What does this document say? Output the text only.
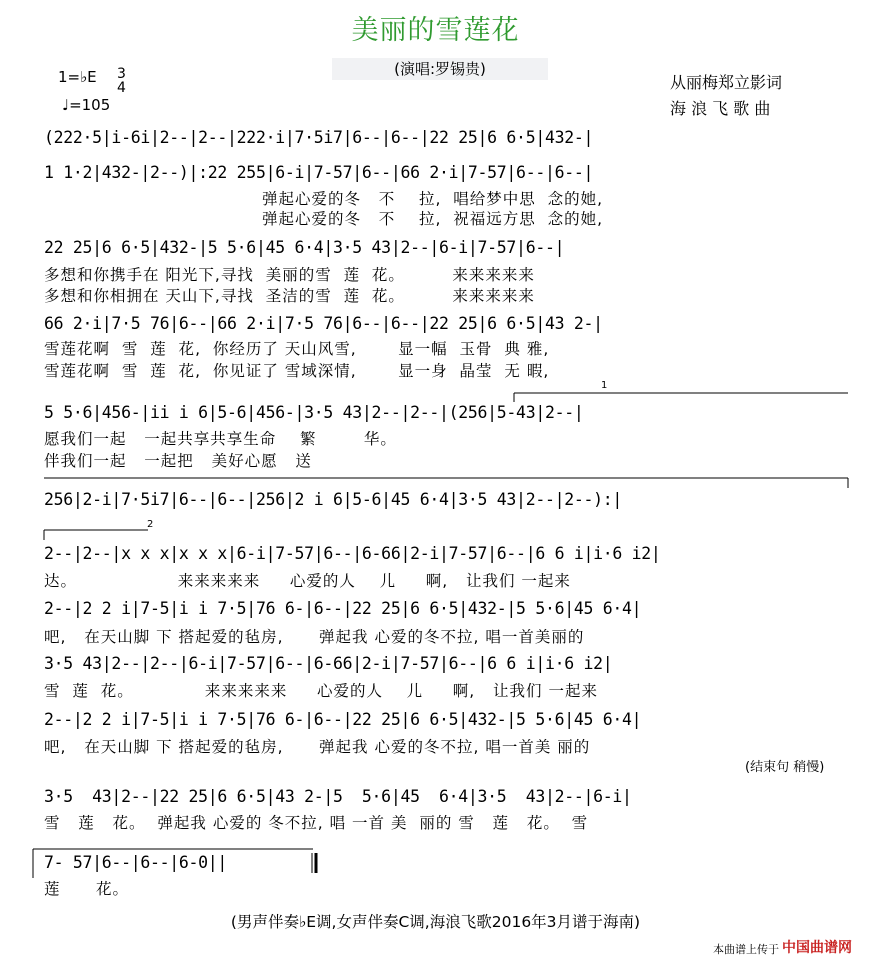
美丽的雪莲花
(演唱:罗锡贵)
1=♭E 3
4
♩=105
从丽梅郑立影词
海 浪 飞 歌 曲
(222·5|i-6i|2--|2--|222·i|7·5i7|6--|6--|22 25|6 6·5|432-|
1 1·2|432-|2--)|:22 255|6-i|7-57|6--|66 2·i|7-57|6--|6--|
弹起心爱的冬   不    拉,  唱给梦中思  念的她,
弹起心爱的冬   不    拉,  祝福远方思  念的她,
22 25|6 6·5|432-|5 5·6|45 6·4|3·5 43|2--|6-i|7-57|6--|
多想和你携手在 阳光下,寻找  美丽的雪  莲  花。        来来来来来
多想和你相拥在 天山下,寻找  圣洁的雪  莲  花。        来来来来来
66 2·i|7·5 76|6--|66 2·i|7·5 76|6--|6--|22 25|6 6·5|43 2-|
雪莲花啊  雪  莲  花,  你经历了 天山风雪,       显一幅  玉骨  典 雅,
雪莲花啊  雪  莲  花,  你见证了 雪域深情,       显一身  晶莹  无 暇,
1
5 5·6|456-|ii i 6|5-6|456-|3·5 43|2--|2--|(256|5-43|2--|
愿我们一起   一起共享共享生命    繁        华。
伴我们一起   一起把   美好心愿   送
256|2-i|7·5i7|6--|6--|256|2 i 6|5-6|45 6·4|3·5 43|2--|2--):|
2
2--|2--|x x x|x x x|6-i|7-57|6--|6-66|2-i|7-57|6--|6 6 i|i·6 i2|
达。                 来来来来来     心爱的人    儿     啊,   让我们 一起来
2--|2 2 i|7-5|i i 7·5|76 6-|6--|22 25|6 6·5|432-|5 5·6|45 6·4|
吧,   在天山脚 下 搭起爱的毡房,      弹起我 心爱的冬不拉, 唱一首美丽的
3·5 43|2--|2--|6-i|7-57|6--|6-66|2-i|7-57|6--|6 6 i|i·6 i2|
雪  莲  花。            来来来来来     心爱的人    儿     啊,   让我们 一起来
2--|2 2 i|7-5|i i 7·5|76 6-|6--|22 25|6 6·5|432-|5 5·6|45 6·4|
吧,   在天山脚 下 搭起爱的毡房,      弹起我 心爱的冬不拉, 唱一首美 丽的
(结束句 稍慢)
3·5  43|2--|22 25|6 6·5|43 2-|5  5·6|45  6·4|3·5  43|2--|6-i|
雪   莲   花。  弹起我 心爱的 冬不拉, 唱 一首 美  丽的 雪   莲   花。  雪
7- 57|6--|6--|6-0||
莲      花。
(男声伴奏♭E调,女声伴奏C调,海浪飞歌2016年3月谱于海南)
本曲谱上传于 中国曲谱网
